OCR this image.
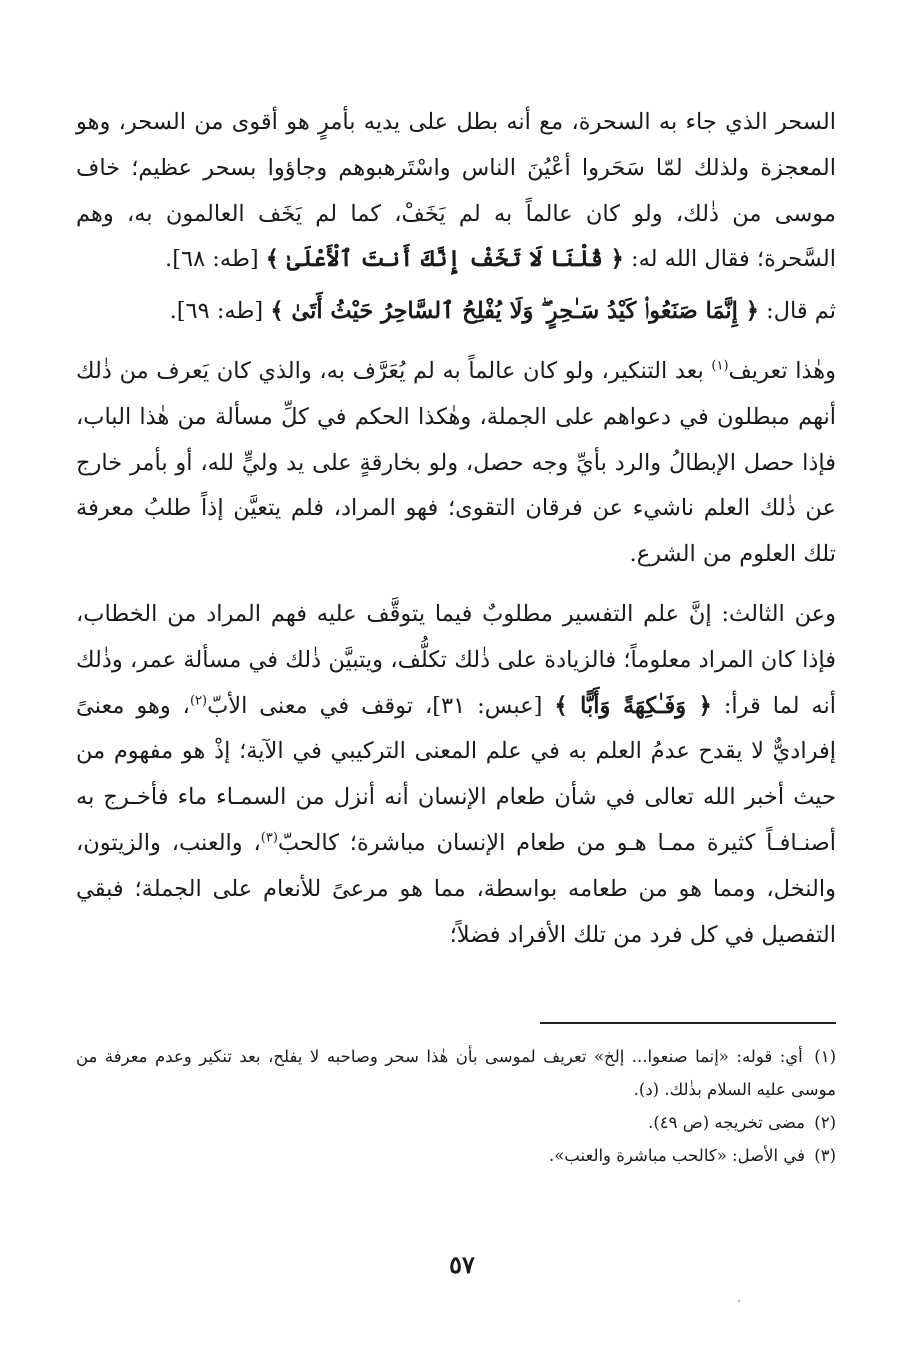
السحر الذي جاء به السحرة، مع أنه بطل على يديه بأمرٍ هو أقوى من السحر، وهو المعجزة ولذلك لمّا سَحَروا أعْيُنَ الناس واسْتَرهبوهم وجاؤوا بسحر عظيم؛ خاف موسى من ذٰلك، ولو كان عالماً به لم يَخَفْ، كما لم يَخَف العالمون به، وهم السَّحرة؛ فقال الله له: ﴿ قُلْنَا لَا تَخَفْ إِنَّكَ أَنتَ ٱلْأَعْلَىٰ ﴾ [طه: ٦٨].

ثم قال: ﴿ إِنَّمَا صَنَعُوا۟ كَيْدُ سَـٰحِرٍ ۖ وَلَا يُفْلِحُ ٱلسَّاحِرُ حَيْثُ أَتَىٰ ﴾ [طه: ٦٩].

وهٰذا تعريف$^{(١)}$ بعد التنكير، ولو كان عالماً به لم يُعَرَّف به، والذي كان يَعرف من ذٰلك أنهم مبطلون في دعواهم على الجملة، وهٰكذا الحكم في كلِّ مسألة من هٰذا الباب، فإذا حصل الإبطالُ والرد بأيِّ وجه حصل، ولو بخارقةٍ على يد وليٍّ لله، أو بأمر خارج عن ذٰلك العلم ناشيء عن فرقان التقوى؛ فهو المراد، فلم يتعيَّن إذاً طلبُ معرفة تلك العلوم من الشرع.

وعن الثالث: إنَّ علم التفسير مطلوبٌ فيما يتوقَّف عليه فهم المراد من الخطاب، فإذا كان المراد معلوماً؛ فالزيادة على ذٰلك تكلُّف، ويتبيَّن ذٰلك في مسألة عمر، وذٰلك أنه لما قرأ: ﴿ وَفَـٰكِهَةً وَأَبًّا ﴾ [عبس: ٣١]، توقف في معنى الأبّ$^{(٢)}$، وهو معنىً إفراديٌّ لا يقدح عدمُ العلم به في علم المعنى التركيبي في الآية؛ إذْ هو مفهوم من حيث أخبر الله تعالى في شأن طعام الإنسان أنه أنزل من السمـاء ماء فأخـرج به أصنـافـاً كثيرة ممـا هـو من طعام الإنسان مباشرة؛ كالحبّ$^{(٣)}$، والعنب، والزيتون، والنخل، ومما هو من طعامه بواسطة، مما هو مرعىً للأنعام على الجملة؛ فبقي التفصيل في كل فرد من تلك الأفراد فضلاً؛

(١) أي: قوله: «إنما صنعوا... إلخ» تعريف لموسى بأن هٰذا سحر وصاحبه لا يفلح، بعد تنكير وعدم معرفة من موسى عليه السلام بذٰلك. (د).

(٢) مضى تخريجه (ص ٤٩).

(٣) في الأصل: «كالحب مباشرة والعنب».

٥٧
